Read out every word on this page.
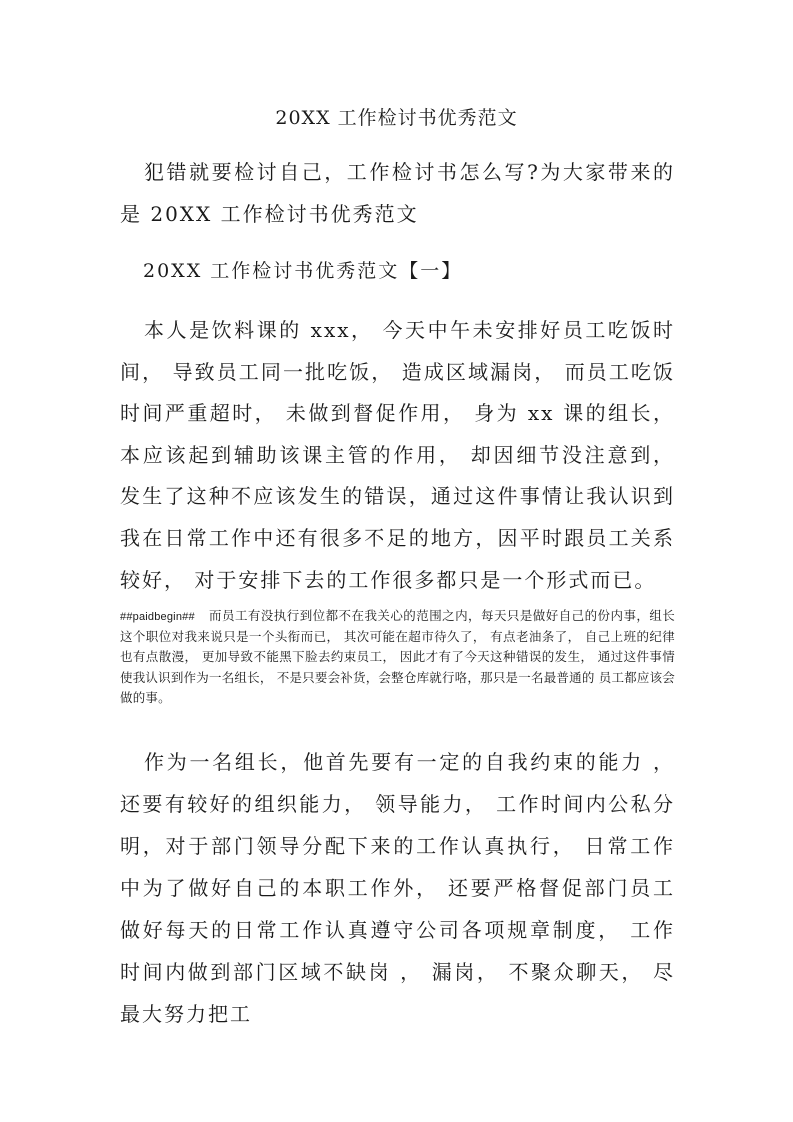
20XX 工作检讨书优秀范文

犯错就要检讨自己，工作检讨书怎么写?为大家带来的是 20XX 工作检讨书优秀范文

20XX 工作检讨书优秀范文【一】

本人是饮料课的 xxx， 今天中午未安排好员工吃饭时间， 导致员工同一批吃饭， 造成区域漏岗， 而员工吃饭时间严重超时， 未做到督促作用， 身为 xx 课的组长， 本应该起到辅助该课主管的作用， 却因细节没注意到， 发生了这种不应该发生的错误，通过这件事情让我认识到我在日常工作中还有很多不足的地方，因平时跟员工关系较好， 对于安排下去的工作很多都只是一个形式而已。

##paidbegin## 而员工有没执行到位都不在我关心的范围之内，每天只是做好自己的份内事，组长这个职位对我来说只是一个头衔而已， 其次可能在超市待久了， 有点老油条了， 自己上班的纪律也有点散漫， 更加导致不能黑下脸去约束员工， 因此才有了今天这种错误的发生， 通过这件事情 使我认识到作为一名组长， 不是只要会补货，会整仓库就行咯，那只是一名最普通的 员工都应该会做的事。

作为一名组长，他首先要有一定的自我约束的能力 ，还要有较好的组织能力， 领导能力， 工作时间内公私分明，对于部门领导分配下来的工作认真执行， 日常工作中为了做好自己的本职工作外， 还要严格督促部门员工做好每天的日常工作认真遵守公司各项规章制度， 工作时间内做到部门区域不缺岗 ， 漏岗， 不聚众聊天， 尽最大努力把工
